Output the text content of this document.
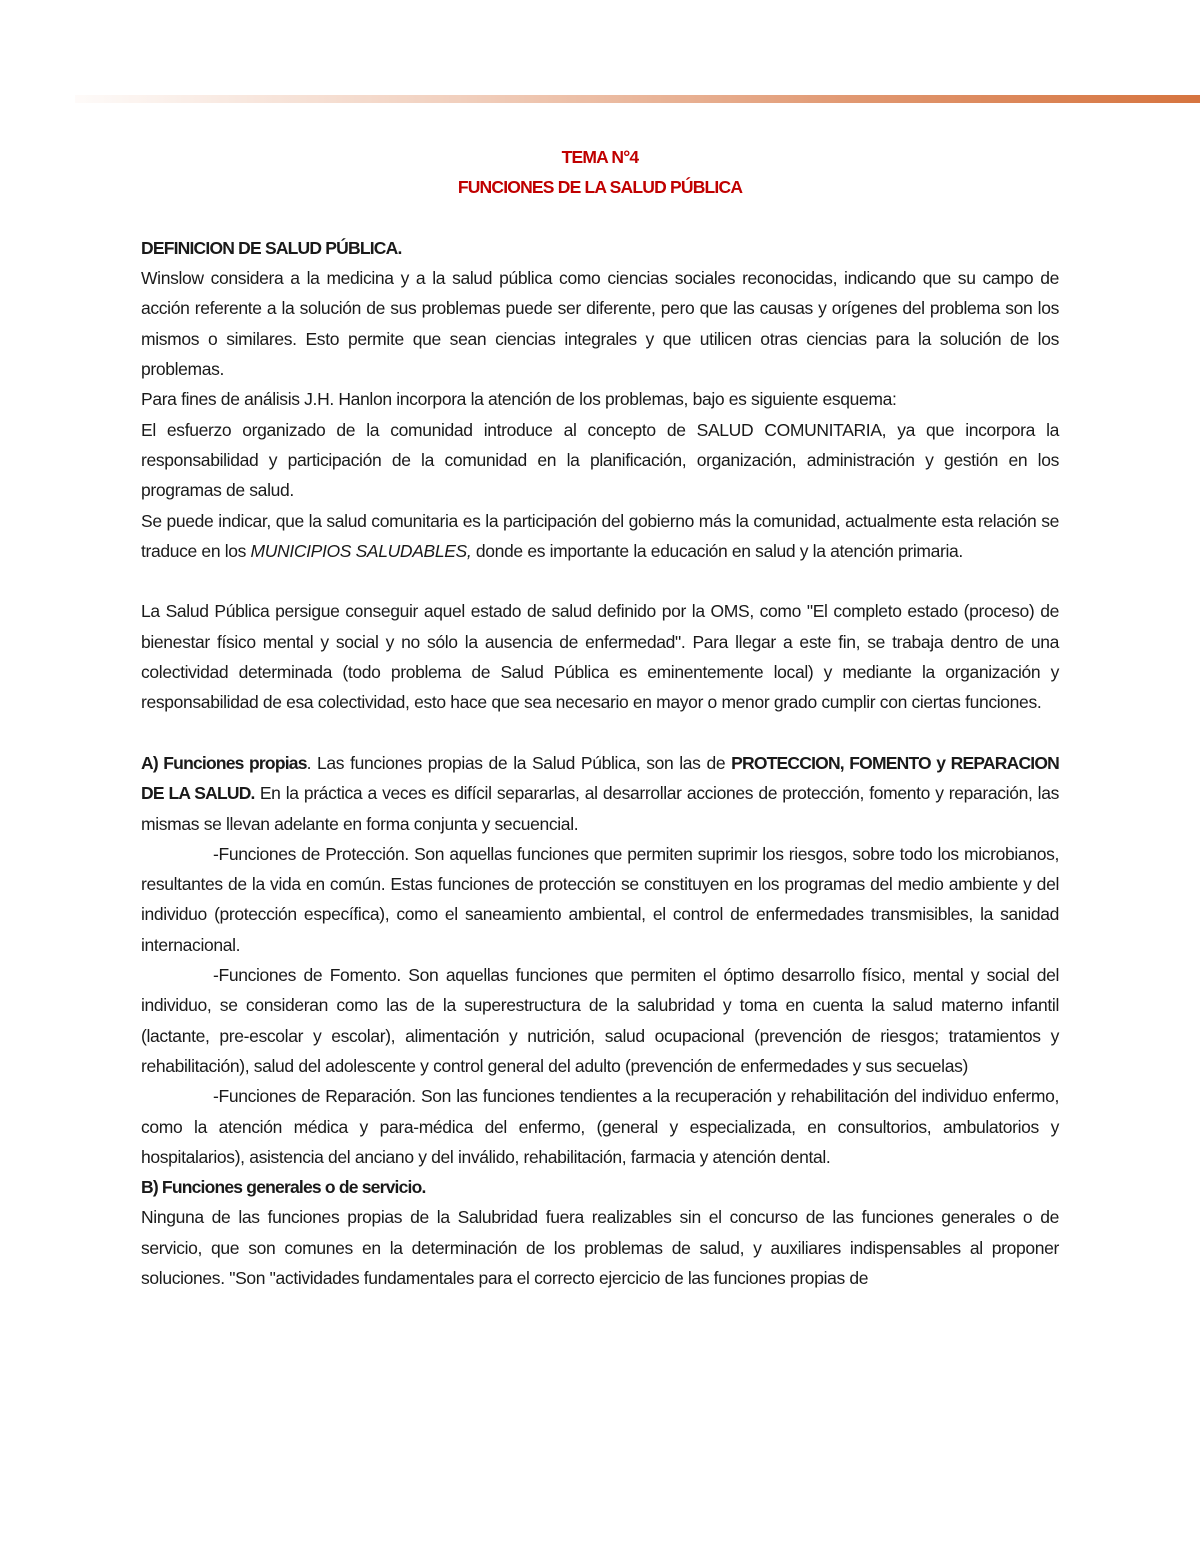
TEMA N°4

FUNCIONES DE LA SALUD PÚBLICA

DEFINICION DE SALUD PÚBLICA.

Winslow considera a la medicina y a la salud pública como ciencias sociales reconocidas, indicando que su campo de acción referente a la solución de sus problemas puede ser diferente, pero que las causas y orígenes del problema son los mismos o similares. Esto permite que sean ciencias integrales y que utilicen otras ciencias para la solución de los problemas.

Para fines de análisis J.H. Hanlon incorpora la atención de los problemas, bajo es siguiente esquema:

El esfuerzo organizado de la comunidad introduce al concepto de SALUD COMUNITARIA, ya que incorpora la responsabilidad y participación de la comunidad en la planificación, organización, administración y gestión en los programas de salud.

Se puede indicar, que la salud comunitaria es la participación del gobierno más la comunidad, actualmente esta relación se traduce en los MUNICIPIOS SALUDABLES, donde es importante la educación en salud y la atención primaria.

La Salud Pública persigue conseguir aquel estado de salud definido por la OMS, como "El completo estado (proceso) de bienestar físico mental y social y no sólo la ausencia de enfermedad". Para llegar a este fin, se trabaja dentro de una colectividad determinada (todo problema de Salud Pública es eminentemente local) y mediante la organización y responsabilidad de esa colectividad, esto hace que sea necesario en mayor o menor grado cumplir con ciertas funciones.

A) Funciones propias. Las funciones propias de la Salud Pública, son las de PROTECCION, FOMENTO y REPARACION DE LA SALUD. En la práctica a veces es difícil separarlas, al desarrollar acciones de protección, fomento y reparación, las mismas se llevan adelante en forma conjunta y secuencial.

-Funciones de Protección. Son aquellas funciones que permiten suprimir los riesgos, sobre todo los microbianos, resultantes de la vida en común. Estas funciones de protección se constituyen en los programas del medio ambiente y del individuo (protección específica), como el saneamiento ambiental, el control de enfermedades transmisibles, la sanidad internacional.

-Funciones de Fomento. Son aquellas funciones que permiten el óptimo desarrollo físico, mental y social del individuo, se consideran como las de la superestructura de la salubridad y toma en cuenta la salud materno infantil (lactante, pre-escolar y escolar), alimentación y nutrición, salud ocupacional (prevención de riesgos; tratamientos y rehabilitación), salud del adolescente y control general del adulto (prevención de enfermedades y sus secuelas)

-Funciones de Reparación. Son las funciones tendientes a la recuperación y rehabilitación del individuo enfermo, como la atención médica y para-médica del enfermo, (general y especializada, en consultorios, ambulatorios y hospitalarios), asistencia del anciano y del inválido, rehabilitación, farmacia y atención dental.

B) Funciones generales o de servicio.

Ninguna de las funciones propias de la Salubridad fuera realizables sin el concurso de las funciones generales o de servicio, que son comunes en la determinación de los problemas de salud, y auxiliares indispensables al proponer soluciones. "Son "actividades fundamentales para el correcto ejercicio de las funciones propias de
